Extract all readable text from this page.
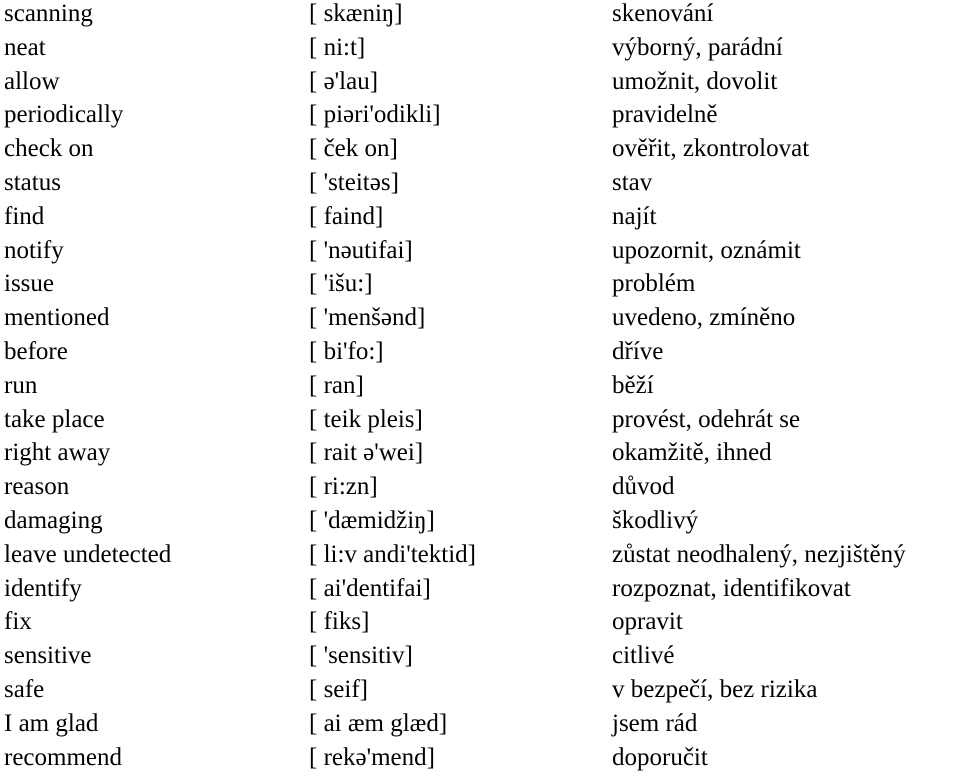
scanning	[ skæniŋ]	skenování
neat	[ ni:t]	výborný, parádní
allow	[ ə'lau]	umožnit, dovolit
periodically	[ piəri'odikli]	pravidelně
check on	[ ček on]	ověřit, zkontrolovat
status	[ 'steitəs]	stav
find	[ faind]	najít
notify	[ 'nəutifai]	upozornit, oznámit
issue	[ 'išu:]	problém
mentioned	[ 'menšənd]	uvedeno, zmíněno
before	[ bi'fo:]	dříve
run	[ ran]	běží
take place	[ teik pleis]	provést, odehrát se
right away	[ rait ə'wei]	okamžitě, ihned
reason	[ ri:zn]	důvod
damaging	[ 'dæmidžiŋ]	škodlivý
leave undetected	[ li:v andi'tektid]	zůstat neodhalený, nezjištěný
identify	[ ai'dentifai]	rozpoznat, identifikovat
fix	[ fiks]	opravit
sensitive	[ 'sensitiv]	citlivé
safe	[ seif]	v bezpečí, bez rizika
I am glad	[ ai æm glæd]	jsem rád
recommend	[ rekə'mend]	doporučit
